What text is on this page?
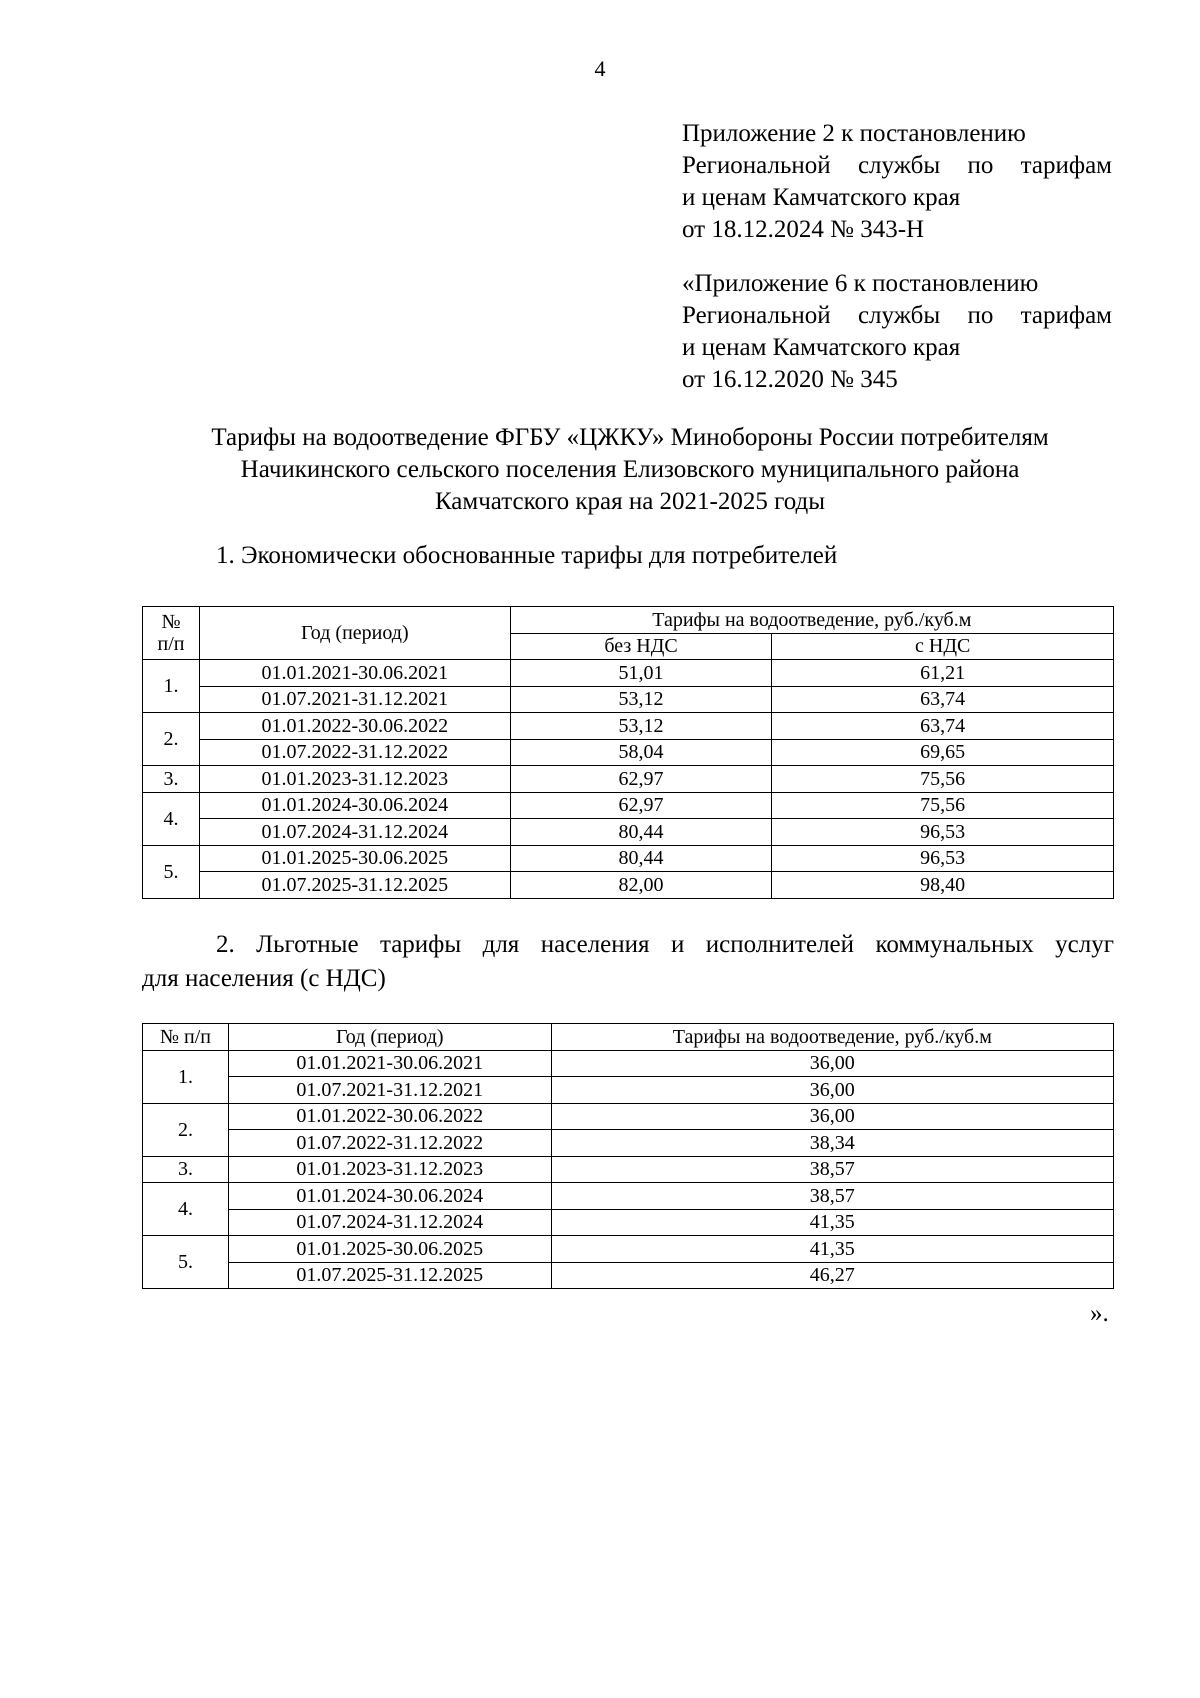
4
Приложение 2 к постановлению
Региональной службы по тарифам
и ценам Камчатского края
от 18.12.2024 № 343-Н
«Приложение 6 к постановлению
Региональной службы по тарифам
и ценам Камчатского края
от 16.12.2020 № 345
Тарифы на водоотведение ФГБУ «ЦЖКУ» Минобороны России потребителям
Начикинского сельского поселения Елизовского муниципального района
Камчатского края на 2021-2025 годы
1. Экономически обоснованные тарифы для потребителей
№ п/п	Год (период)	Тарифы на водоотведение, руб./куб.м	
		без НДС	с НДС
1.	01.01.2021-30.06.2021	51,01	61,21
	01.07.2021-31.12.2021	53,12	63,74
2.	01.01.2022-30.06.2022	53,12	63,74
	01.07.2022-31.12.2022	58,04	69,65
3.	01.01.2023-31.12.2023	62,97	75,56
4.	01.01.2024-30.06.2024	62,97	75,56
	01.07.2024-31.12.2024	80,44	96,53
5.	01.01.2025-30.06.2025	80,44	96,53
	01.07.2025-31.12.2025	82,00	98,40
2. Льготные тарифы для населения и исполнителей коммунальных услуг
для населения (с НДС)
№ п/п	Год (период)	Тарифы на водоотведение, руб./куб.м
1.	01.01.2021-30.06.2021	36,00
	01.07.2021-31.12.2021	36,00
2.	01.01.2022-30.06.2022	36,00
	01.07.2022-31.12.2022	38,34
3.	01.01.2023-31.12.2023	38,57
4.	01.01.2024-30.06.2024	38,57
	01.07.2024-31.12.2024	41,35
5.	01.01.2025-30.06.2025	41,35
	01.07.2025-31.12.2025	46,27
».
